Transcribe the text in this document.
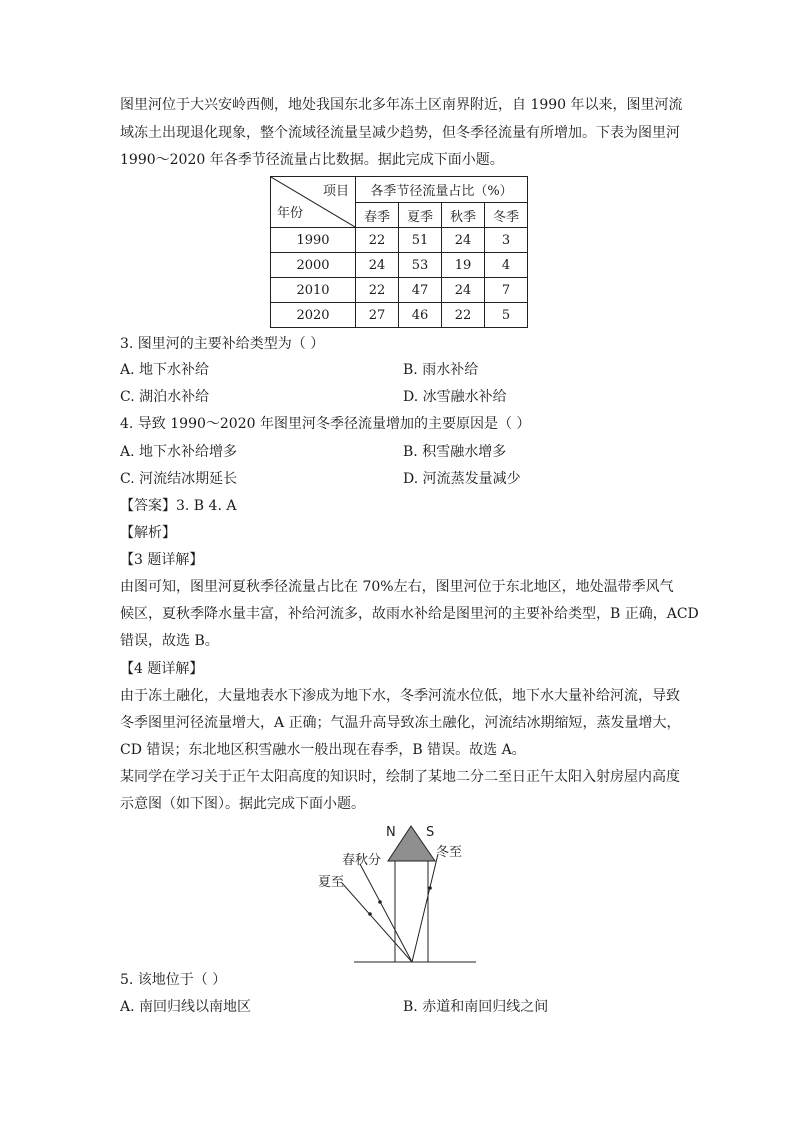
图里河位于大兴安岭西侧，地处我国东北多年冻土区南界附近，自 1990 年以来，图里河流
域冻土出现退化现象，整个流域径流量呈减少趋势，但冬季径流量有所增加。下表为图里河
1990～2020 年各季节径流量占比数据。据此完成下面小题。
项目
年份	各季节径流量占比（%）			
	春季	夏季	秋季	冬季
1990	22	51	24	3
2000	24	53	19	4
2010	22	47	24	7
2020	27	46	22	5
3. 图里河的主要补给类型为（ ）
A. 地下水补给	B. 雨水补给
C. 湖泊水补给	D. 冰雪融水补给
4. 导致 1990～2020 年图里河冬季径流量增加的主要原因是（ ）
A. 地下水补给增多	B. 积雪融水增多
C. 河流结冰期延长	D. 河流蒸发量减少
【答案】3. B 4. A
【解析】
【3 题详解】
由图可知，图里河夏秋季径流量占比在 70%左右，图里河位于东北地区，地处温带季风气
候区，夏秋季降水量丰富，补给河流多，故雨水补给是图里河的主要补给类型，B 正确，ACD
错误，故选 B。
【4 题详解】
由于冻土融化，大量地表水下渗成为地下水，冬季河流水位低，地下水大量补给河流，导致
冬季图里河径流量增大，A 正确；气温升高导致冻土融化，河流结冰期缩短，蒸发量增大，
CD 错误；东北地区积雪融水一般出现在春季，B 错误。故选 A。
某同学在学习关于正午太阳高度的知识时，绘制了某地二分二至日正午太阳入射房屋内高度
示意图（如下图）。据此完成下面小题。
N S
春秋分
夏至
冬至
5. 该地位于（ ）
A. 南回归线以南地区	B. 赤道和南回归线之间
